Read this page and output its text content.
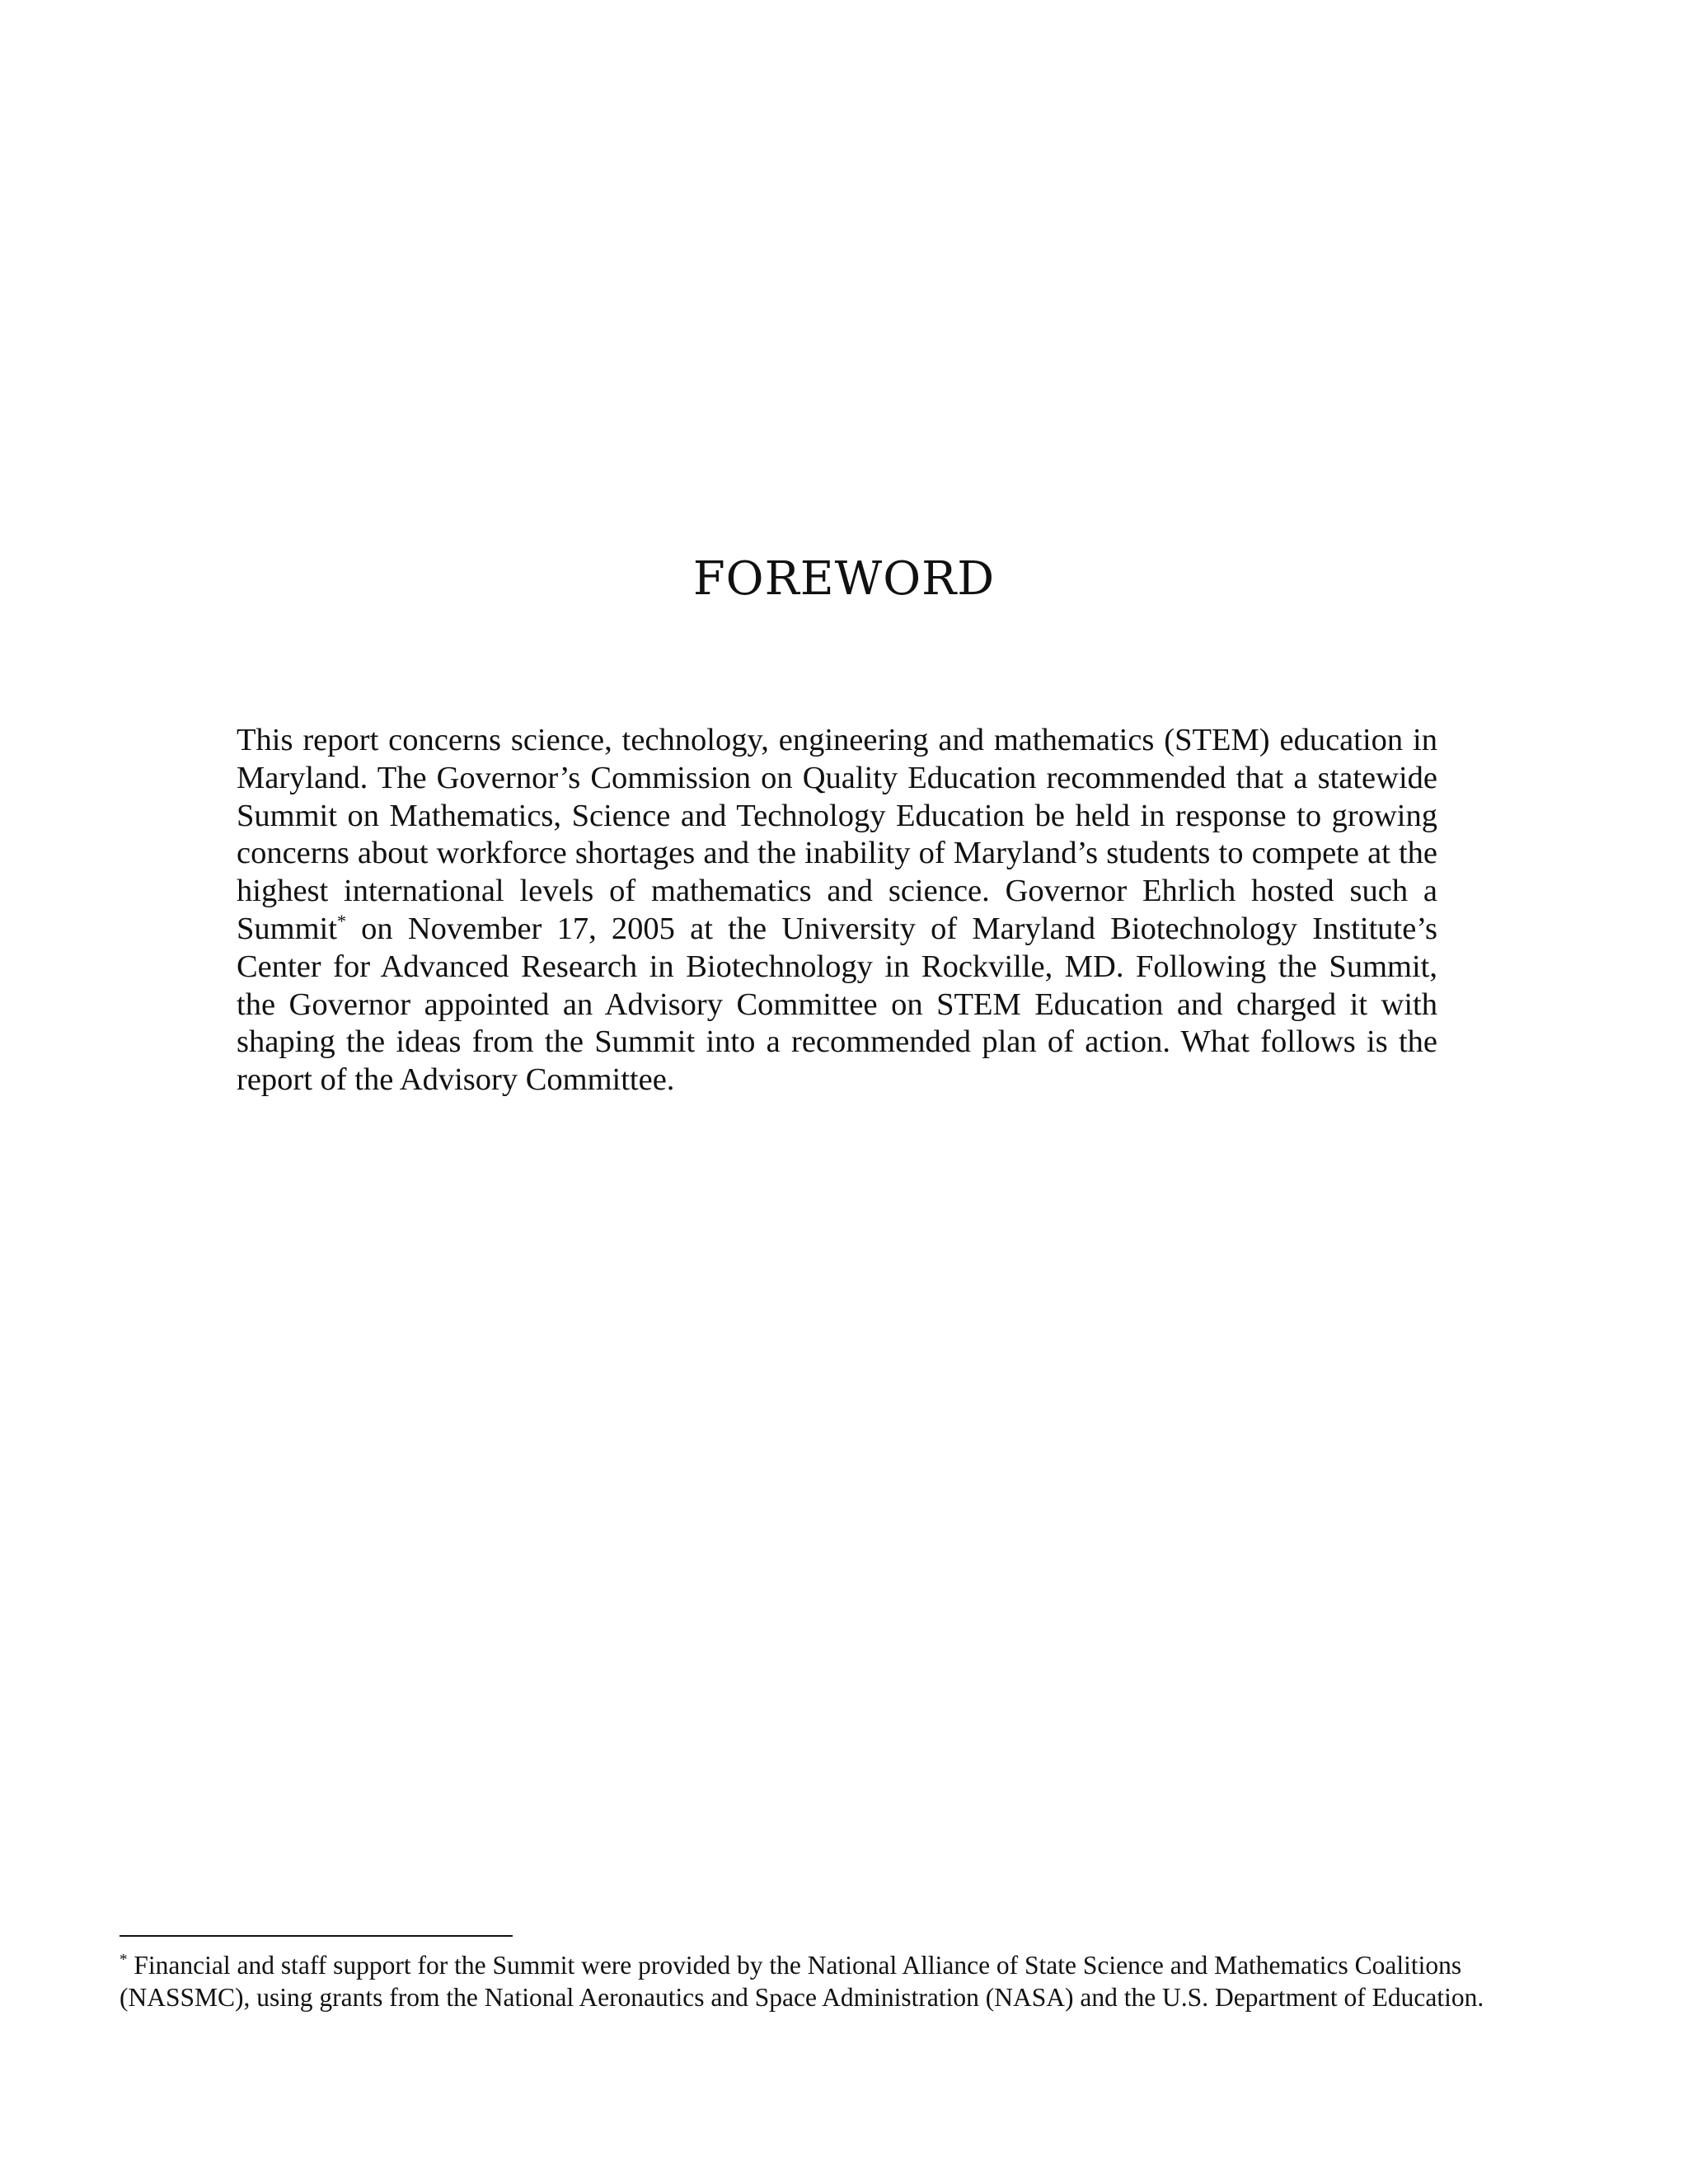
FOREWORD

This report concerns science, technology, engineering and mathematics (STEM) education in Maryland. The Governor’s Commission on Quality Education recommended that a statewide Summit on Mathematics, Science and Technology Education be held in response to growing concerns about workforce shortages and the inability of Maryland’s students to compete at the highest international levels of mathematics and science. Governor Ehrlich hosted such a Summit* on November 17, 2005 at the University of Maryland Biotechnology Institute’s Center for Advanced Research in Biotechnology in Rockville, MD. Following the Summit, the Governor appointed an Advisory Committee on STEM Education and charged it with shaping the ideas from the Summit into a recommended plan of action. What follows is the report of the Advisory Committee.

* Financial and staff support for the Summit were provided by the National Alliance of State Science and Mathematics Coalitions (NASSMC), using grants from the National Aeronautics and Space Administration (NASA) and the U.S. Department of Education.
